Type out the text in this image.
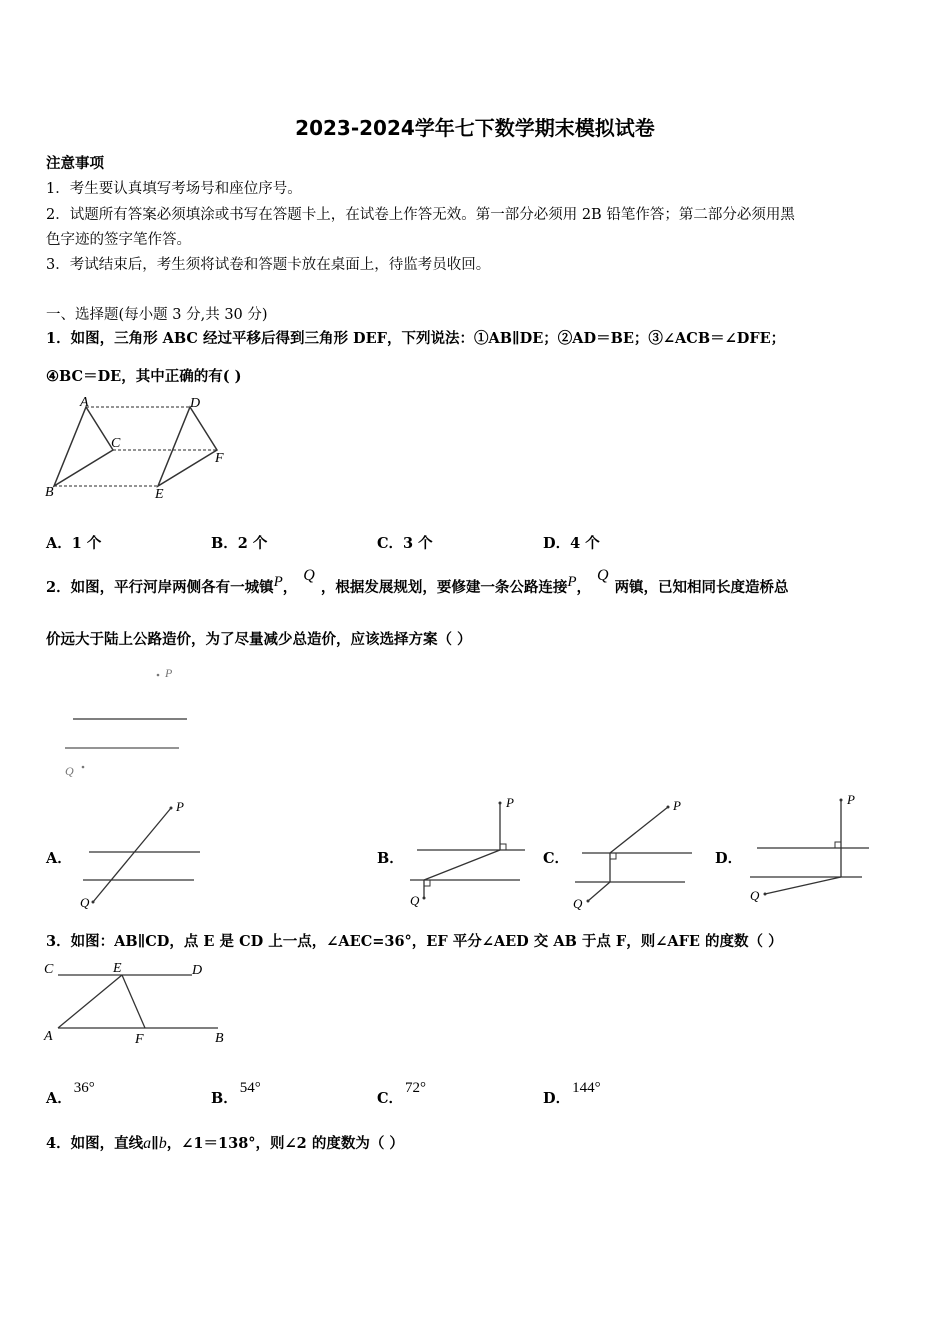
2023-2024学年七下数学期末模拟试卷
注意事项
1．考生要认真填写考场号和座位序号。
2．试题所有答案必须填涂或书写在答题卡上，在试卷上作答无效。第一部分必须用 2B 铅笔作答；第二部分必须用黑
色字迹的签字笔作答。
3．考试结束后，考生须将试卷和答题卡放在桌面上，待监考员收回。
一、选择题(每小题 3 分,共 30 分)
1．如图，三角形 ABC 经过平移后得到三角形 DEF，下列说法：①AB∥DE；②AD＝BE；③∠ACB＝∠DFE；
④BC＝DE，其中正确的有( )
A	D
C
F
B	E
A．1 个	B．2 个	C．3 个	D．4 个
2．如图，平行河岸两侧各有一城镇P，Q，根据发展规划，要修建一条公路连接P，Q两镇，已知相同长度造桥总
价远大于陆上公路造价，为了尽量减少总造价，应该选择方案（ ）
P
Q
A．
P
Q
B．
P
Q
C．
P
Q
D．
P
Q
3．如图：AB∥CD，点 E 是 CD 上一点，∠AEC=36°，EF 平分∠AED 交 AB 于点 F，则∠AFE 的度数（ ）
C	E	D
A	F	B
A．36°
B．54°
C．72°
D．144°
4．如图，直线a∥b，∠1＝138°，则∠2 的度数为（ ）
